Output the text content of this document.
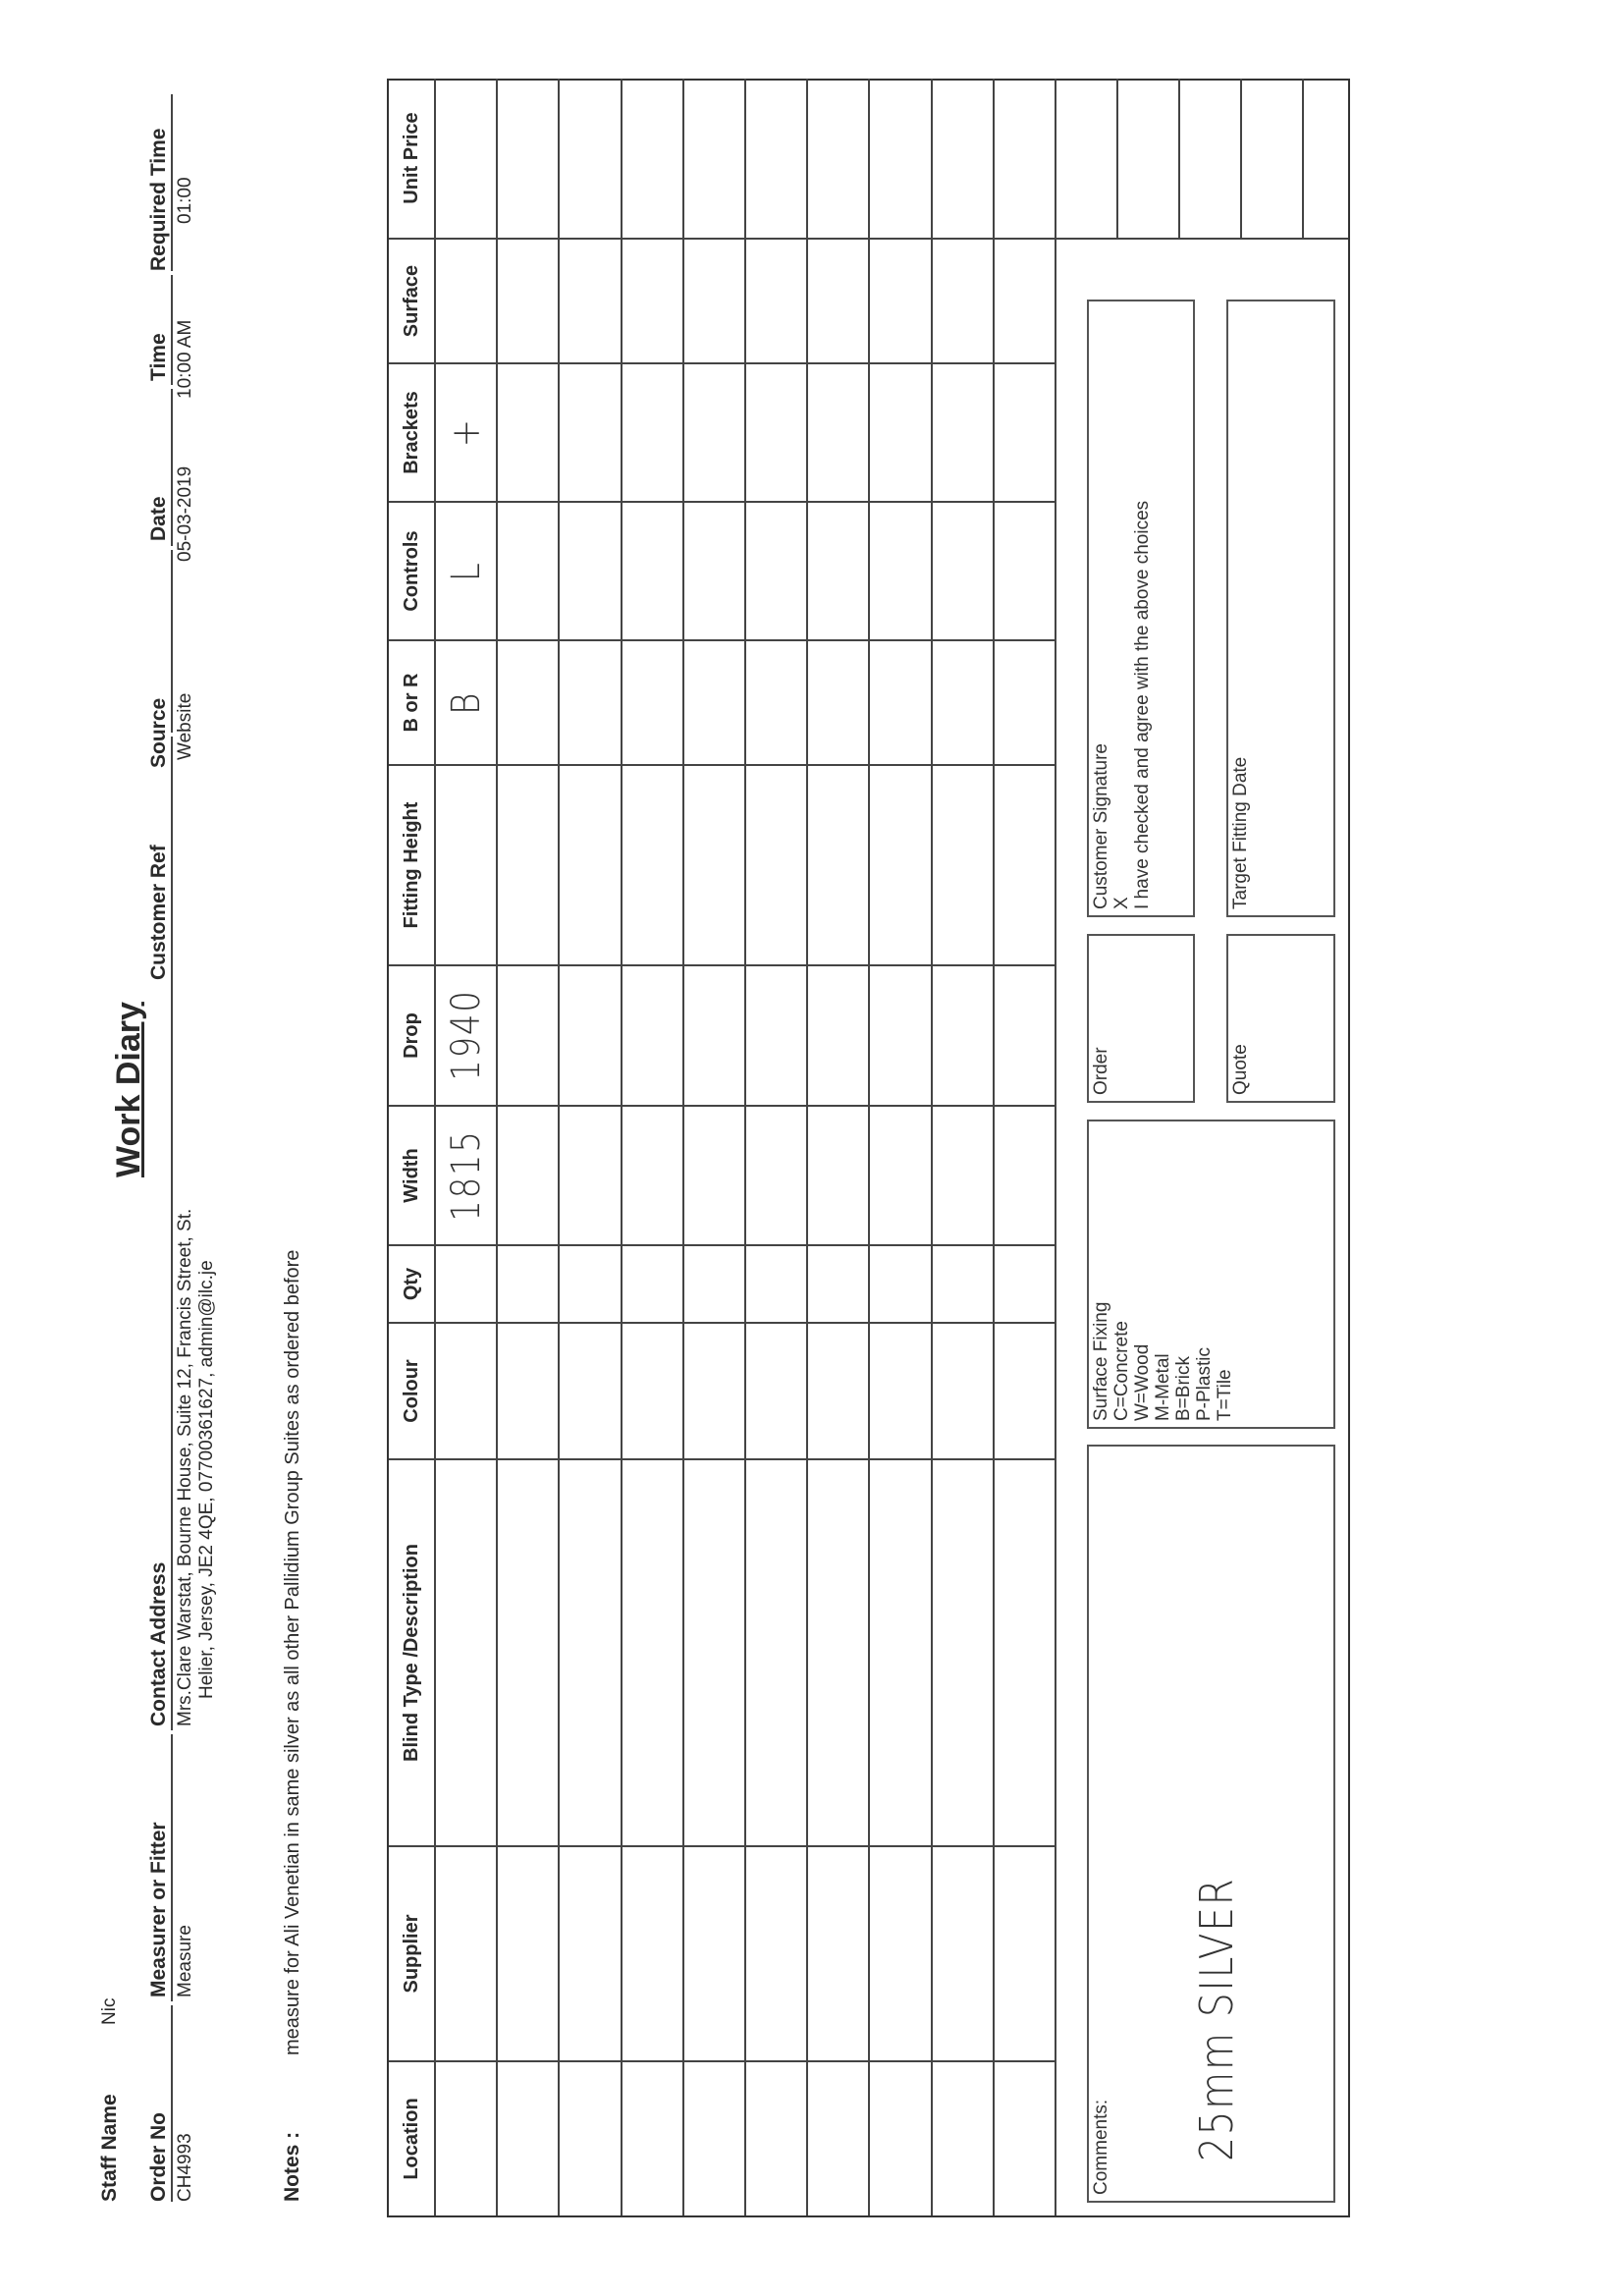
Staff Name
Nic
Work Diary
Order No
Measurer or Fitter
Contact Address
Customer Ref
Source
Date
Time
Required Time
CH4993
Measure
Mrs.Clare Warstat, Bourne House, Suite 12, Francis Street, St. Helier, Jersey, JE2 4QE, 07700361627, admin@ilc.je
Website
05-03-2019
10:00 AM
01:00
Notes :
measure for Ali Venetian in same silver as all other Pallidium Group Suites as ordered before
Location
Supplier
Blind Type /Description
Colour
Qty
Width
Drop
Fitting Height
B or R
Controls
Brackets
Surface
Unit Price
1815
1940
B
L
+
Comments: 25mm SILVER
Surface Fixing C=Concrete W=Wood M-Metal B=Brick P-Plastic T=Tile
Order	Quote
Customer Signature X I have checked and agree with the above choices	Target Fitting Date
